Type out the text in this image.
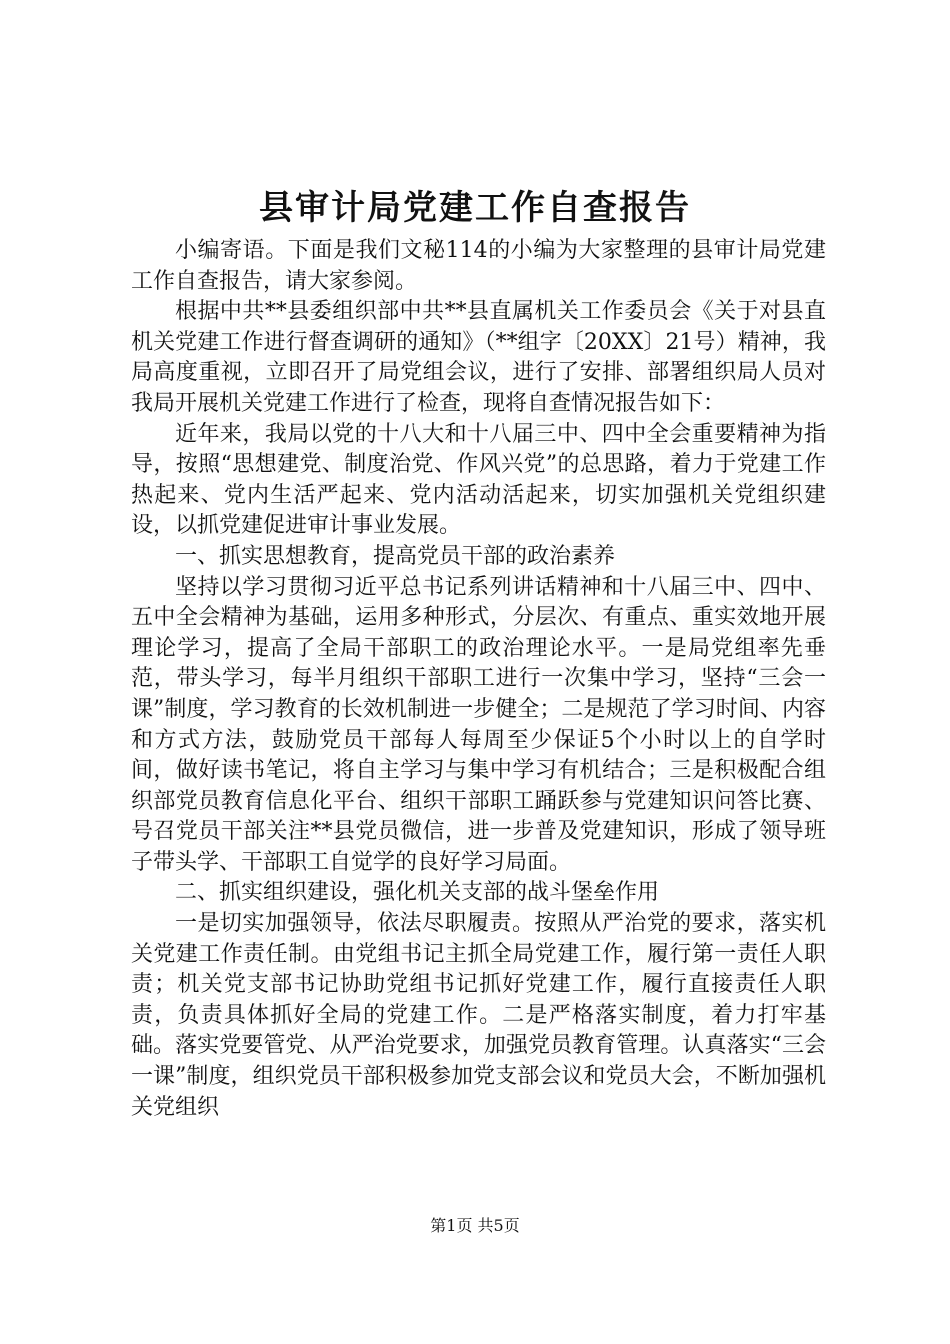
县审计局党建工作自查报告

小编寄语。下面是我们文秘114的小编为大家整理的县审计局党建工作自查报告，请大家参阅。

根据中共**县委组织部中共**县直属机关工作委员会《关于对县直机关党建工作进行督查调研的通知》（**组字〔20XX〕21号）精神，我局高度重视，立即召开了局党组会议，进行了安排、部署组织局人员对我局开展机关党建工作进行了检查，现将自查情况报告如下：

近年来，我局以党的十八大和十八届三中、四中全会重要精神为指导，按照“思想建党、制度治党、作风兴党”的总思路，着力于党建工作热起来、党内生活严起来、党内活动活起来，切实加强机关党组织建设，以抓党建促进审计事业发展。

一、抓实思想教育，提高党员干部的政治素养

坚持以学习贯彻习近平总书记系列讲话精神和十八届三中、四中、五中全会精神为基础，运用多种形式，分层次、有重点、重实效地开展理论学习，提高了全局干部职工的政治理论水平。一是局党组率先垂范，带头学习，每半月组织干部职工进行一次集中学习，坚持“三会一课”制度，学习教育的长效机制进一步健全；二是规范了学习时间、内容和方式方法，鼓励党员干部每人每周至少保证5个小时以上的自学时间，做好读书笔记，将自主学习与集中学习有机结合；三是积极配合组织部党员教育信息化平台、组织干部职工踊跃参与党建知识问答比赛、号召党员干部关注**县党员微信，进一步普及党建知识，形成了领导班子带头学、干部职工自觉学的良好学习局面。

二、抓实组织建设，强化机关支部的战斗堡垒作用

一是切实加强领导，依法尽职履责。按照从严治党的要求，落实机关党建工作责任制。由党组书记主抓全局党建工作，履行第一责任人职责；机关党支部书记协助党组书记抓好党建工作，履行直接责任人职责，负责具体抓好全局的党建工作。二是严格落实制度，着力打牢基础。落实党要管党、从严治党要求，加强党员教育管理。认真落实“三会一课”制度，组织党员干部积极参加党支部会议和党员大会，不断加强机关党组织

第1页 共5页
